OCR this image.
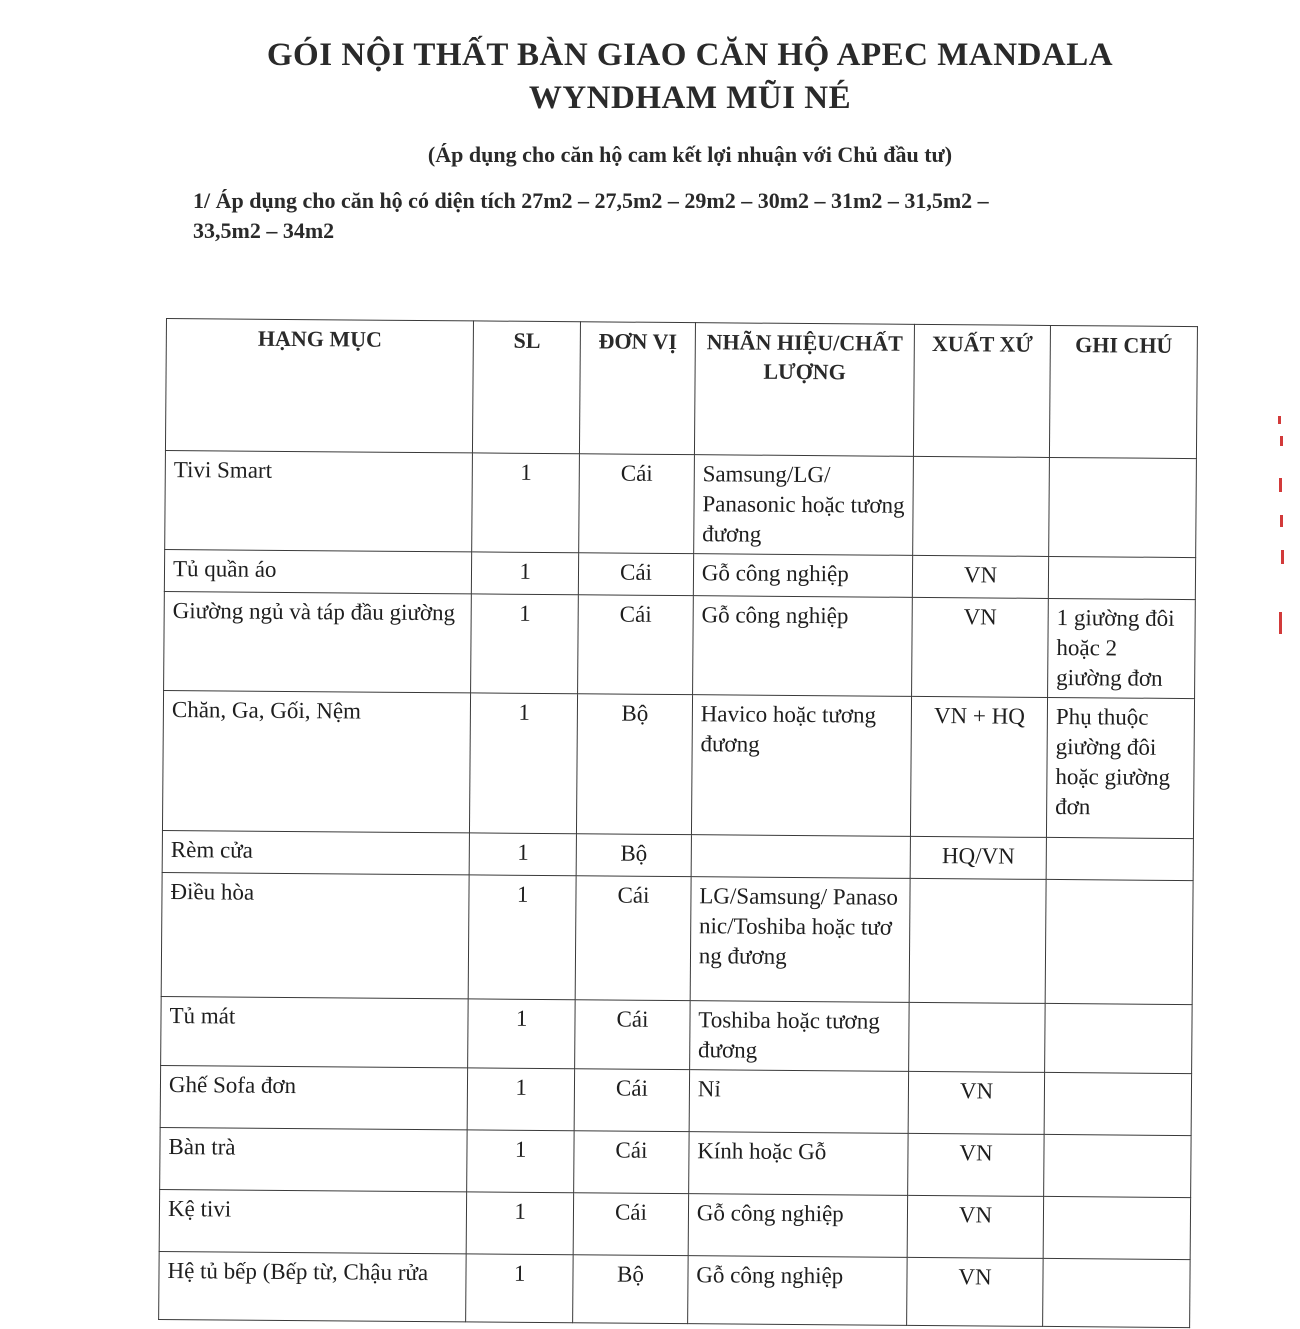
GÓI NỘI THẤT BÀN GIAO CĂN HỘ APEC MANDALA
WYNDHAM MŨI NÉ
(Áp dụng cho căn hộ cam kết lợi nhuận với Chủ đầu tư)
1/ Áp dụng cho căn hộ có diện tích 27m2 – 27,5m2 – 29m2 – 30m2 – 31m2 – 31,5m2 –
33,5m2 – 34m2
HẠNG MỤC	SL	ĐƠN VỊ	NHÃN HIỆU/CHẤT LƯỢNG	XUẤT XỨ	GHI CHÚ
Tivi Smart	1	Cái	Samsung/LG/ Panasonic hoặc tương đương		
Tủ quần áo	1	Cái	Gỗ công nghiệp	VN	
Giường ngủ và táp đầu giường	1	Cái	Gỗ công nghiệp	VN	1 giường đôi hoặc 2 giường đơn
Chăn, Ga, Gối, Nệm	1	Bộ	Havico hoặc tương đương	VN + HQ	Phụ thuộc giường đôi hoặc giường đơn
Rèm cửa	1	Bộ		HQ/VN	
Điều hòa	1	Cái	LG/Samsung/ Panasonic/Toshiba hoặc tương đương		
Tủ mát	1	Cái	Toshiba hoặc tương đương		
Ghế Sofa đơn	1	Cái	Nỉ	VN	
Bàn trà	1	Cái	Kính hoặc Gỗ	VN	
Kệ tivi	1	Cái	Gỗ công nghiệp	VN	
Hệ tủ bếp (Bếp từ, Chậu rửa	1	Bộ	Gỗ công nghiệp	VN	
